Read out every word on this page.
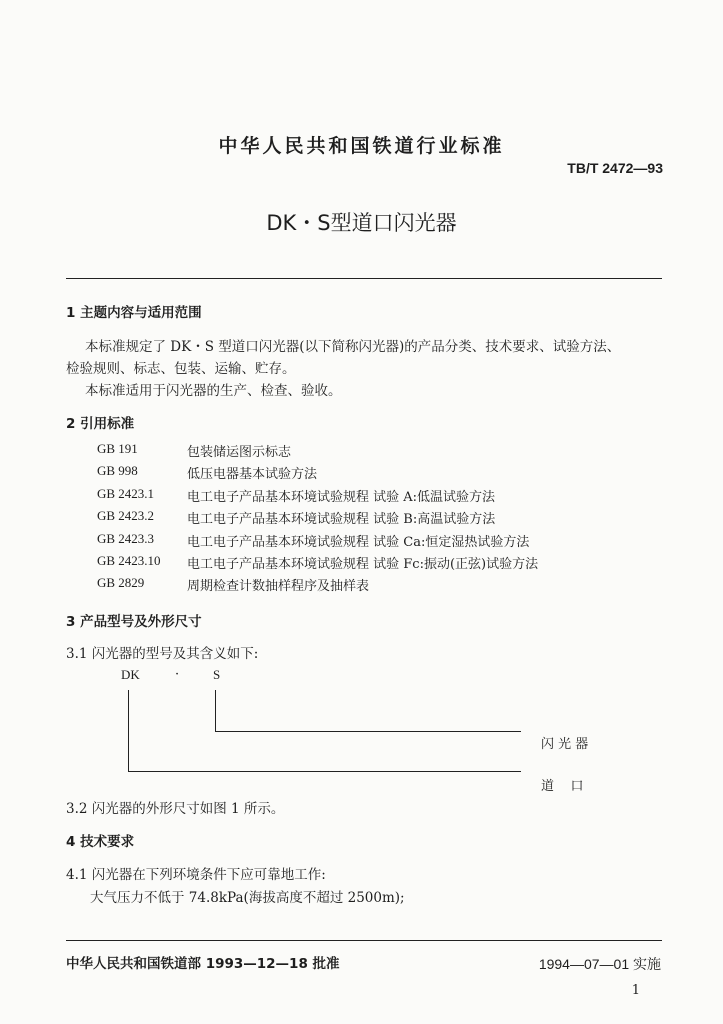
中华人民共和国铁道行业标准
TB/T 2472—93
DK・S型道口闪光器
1 主题内容与适用范围
本标准规定了 DK・S 型道口闪光器(以下简称闪光器)的产品分类、技术要求、试验方法、
检验规则、标志、包装、运输、贮存。
本标准适用于闪光器的生产、检查、验收。
2 引用标准
GB 191	包装储运图示标志
GB 998	低压电器基本试验方法
GB 2423.1	电工电子产品基本环境试验规程 试验 A:低温试验方法
GB 2423.2	电工电子产品基本环境试验规程 试验 B:高温试验方法
GB 2423.3	电工电子产品基本环境试验规程 试验 Ca:恒定湿热试验方法
GB 2423.10	电工电子产品基本环境试验规程 试验 Fc:振动(正弦)试验方法
GB 2829	周期检查计数抽样程序及抽样表
3 产品型号及外形尺寸
3.1 闪光器的型号及其含义如下:
DK	·	S
闪 光 器
道    口
3.2 闪光器的外形尺寸如图 1 所示。
4 技术要求
4.1 闪光器在下列环境条件下应可靠地工作:
大气压力不低于 74.8kPa(海拔高度不超过 2500m);
中华人民共和国铁道部 1993—12—18 批准	1994—07—01 实施
1
